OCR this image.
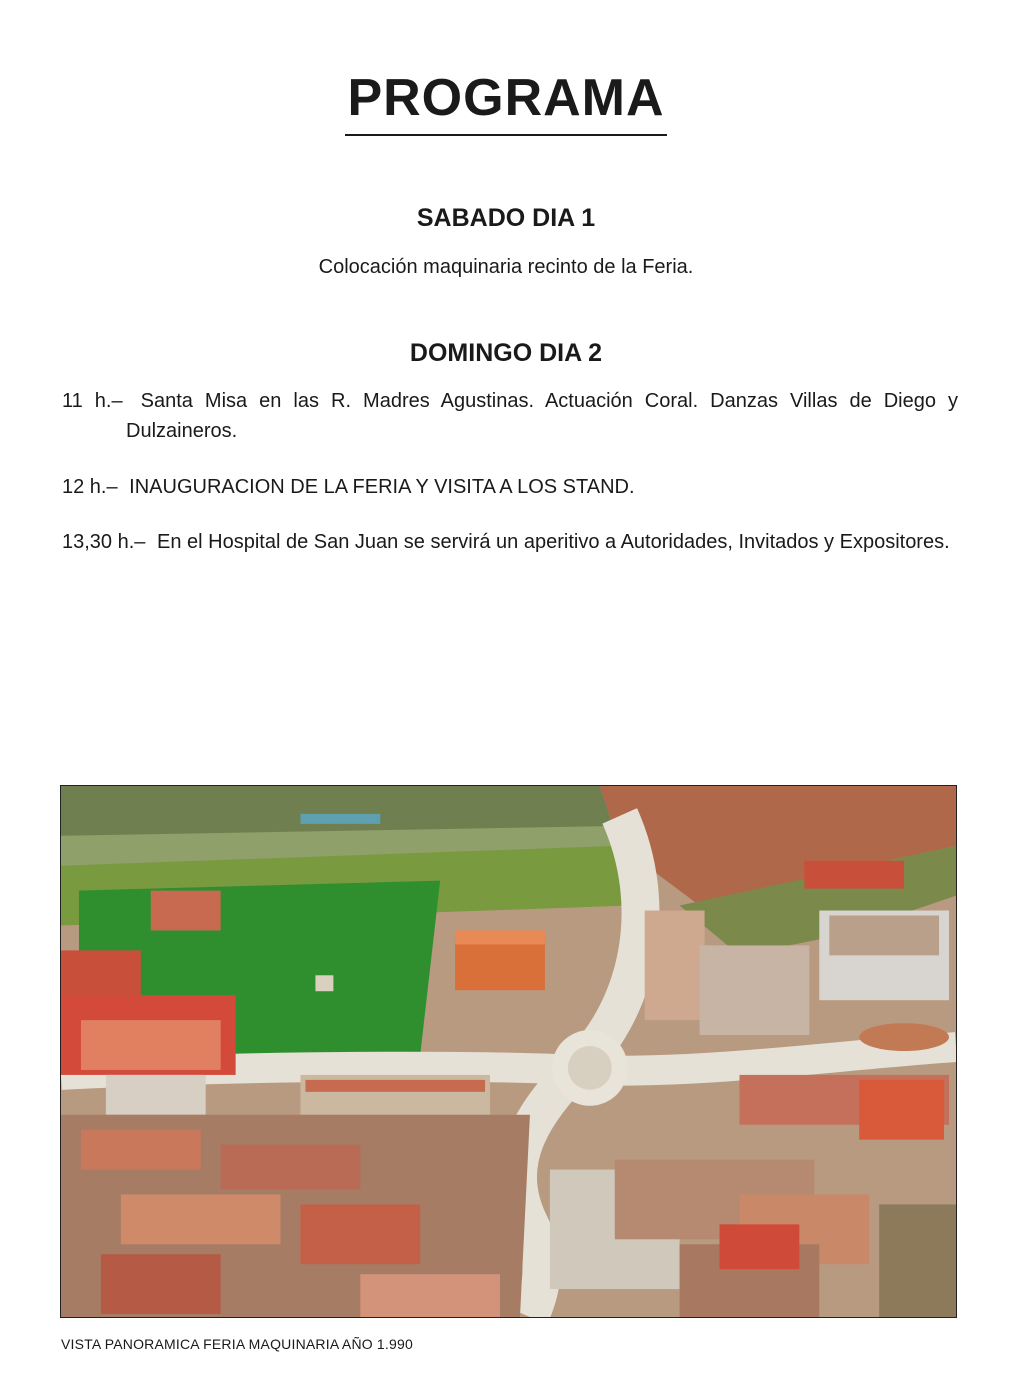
PROGRAMA
SABADO DIA 1
Colocación maquinaria recinto de la Feria.
DOMINGO DIA 2
11 h.– Santa Misa en las R. Madres Agustinas. Actuación Coral. Danzas Villas de Diego y Dulzaineros.
12 h.– INAUGURACION DE LA FERIA Y VISITA A LOS STAND.
13,30 h.– En el Hospital de San Juan se servirá un aperitivo a Autoridades, Invitados y Expositores.
VISTA PANORAMICA FERIA MAQUINARIA AÑO 1.990
